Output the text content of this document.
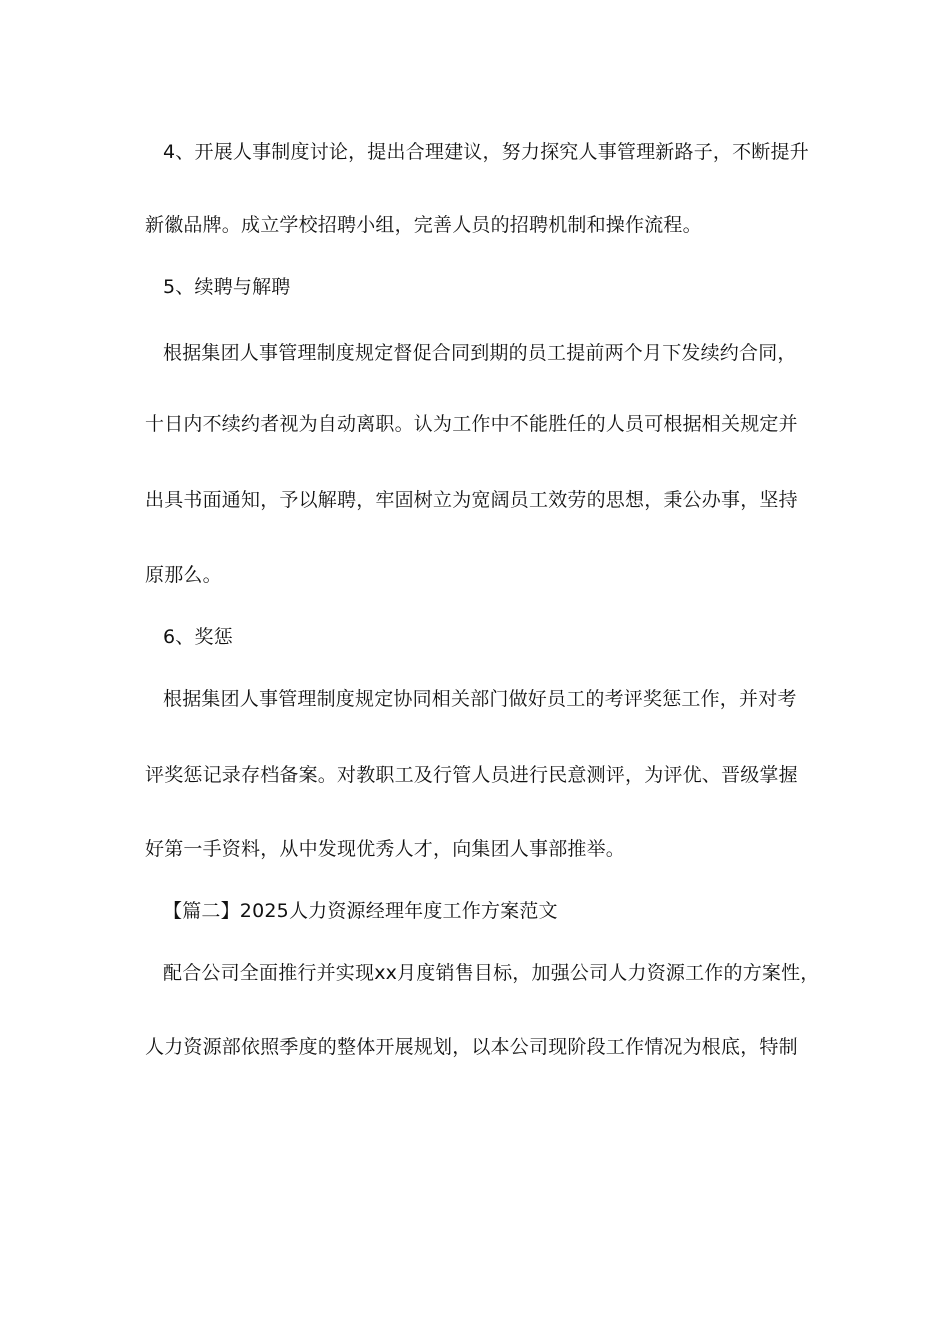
4、开展人事制度讨论，提出合理建议，努力探究人事管理新路子，不断提升
新徽品牌。成立学校招聘小组，完善人员的招聘机制和操作流程。
5、续聘与解聘
根据集团人事管理制度规定督促合同到期的员工提前两个月下发续约合同，
十日内不续约者视为自动离职。认为工作中不能胜任的人员可根据相关规定并
出具书面通知，予以解聘，牢固树立为宽阔员工效劳的思想，秉公办事，坚持
原那么。
6、奖惩
根据集团人事管理制度规定协同相关部门做好员工的考评奖惩工作，并对考
评奖惩记录存档备案。对教职工及行管人员进行民意测评，为评优、晋级掌握
好第一手资料，从中发现优秀人才，向集团人事部推举。
【篇二】2025人力资源经理年度工作方案范文
配合公司全面推行并实现xx月度销售目标，加强公司人力资源工作的方案性，
人力资源部依照季度的整体开展规划，以本公司现阶段工作情况为根底，特制
